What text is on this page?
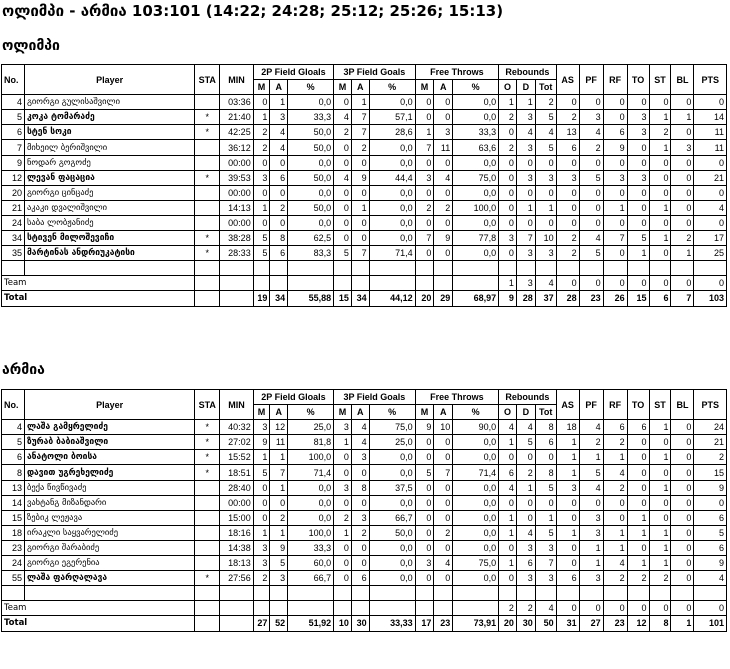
ოლიმპი - არმია 103:101 (14:22; 24:28; 25:12; 25:26; 15:13)
ოლიმპი
No.	Player	STA	MIN	2P Field Gloals			3P Field Goals			Free Throws			Rebounds			AS	PF	RF	TO	ST	BL	PTS
				M	A	%	M	A	%	M	A	%	O	D	Tot							
4	გიორგი გულისაშვილი		03:36	0	1	0,0	0	1	0,0	0	0	0,0	1	1	2	0	0	0	0	0	0	0
5	კოკა ტომარაძე	*	21:40	1	3	33,3	4	7	57,1	0	0	0,0	2	3	5	2	3	0	3	1	1	14
6	სტენ სოკი	*	42:25	2	4	50,0	2	7	28,6	1	3	33,3	0	4	4	13	4	6	3	2	0	11
7	მიხეილ ბერიშვილი		36:12	2	4	50,0	0	2	0,0	7	11	63,6	2	3	5	6	2	9	0	1	3	11
9	ნოდარ გოგოძე		00:00	0	0	0,0	0	0	0,0	0	0	0,0	0	0	0	0	0	0	0	0	0	0
12	ლევან ფაცაცია	*	39:53	3	6	50,0	4	9	44,4	3	4	75,0	0	3	3	3	5	3	3	0	0	21
20	გიორგი ცინცაძე		00:00	0	0	0,0	0	0	0,0	0	0	0,0	0	0	0	0	0	0	0	0	0	0
21	აკაკი დვალიშვილი		14:13	1	2	50,0	0	1	0,0	2	2	100,0	0	1	1	0	0	1	0	1	0	4
24	საბა ლობჟანიძე		00:00	0	0	0,0	0	0	0,0	0	0	0,0	0	0	0	0	0	0	0	0	0	0
34	სტივენ მილოშევიჩი	*	38:28	5	8	62,5	0	0	0,0	7	9	77,8	3	7	10	2	4	7	5	1	2	17
35	მარტინას ანდრიუკატისი	*	28:33	5	6	83,3	5	7	71,4	0	0	0,0	0	3	3	2	5	0	1	0	1	25

Team													1	3	4	0	0	0	0	0	0	0
Total				19	34	55,88	15	34	44,12	20	29	68,97	9	28	37	28	23	26	15	6	7	103
არმია
No.	Player	STA	MIN	2P Field Gloals			3P Field Goals			Free Throws			Rebounds			AS	PF	RF	TO	ST	BL	PTS
				M	A	%	M	A	%	M	A	%	O	D	Tot							
4	ლაშა გამყრელიძე	*	40:32	3	12	25,0	3	4	75,0	9	10	90,0	4	4	8	18	4	6	6	1	0	24
5	ზურაბ ბაბიაშვილი	*	27:02	9	11	81,8	1	4	25,0	0	0	0,0	1	5	6	1	2	2	0	0	0	21
6	ანატოლი ბოისა	*	15:52	1	1	100,0	0	3	0,0	0	0	0,0	0	0	0	1	1	1	0	1	0	2
8	დავით უგრეხელიძე	*	18:51	5	7	71,4	0	0	0,0	5	7	71,4	6	2	8	1	5	4	0	0	0	15
13	ბექა წივწივაძე		28:40	0	1	0,0	3	8	37,5	0	0	0,0	4	1	5	3	4	2	0	1	0	9
14	ვახტანგ მიზანდარი		00:00	0	0	0,0	0	0	0,0	0	0	0,0	0	0	0	0	0	0	0	0	0	0
15	ზებიკ ლეჟავა		15:00	0	2	0,0	2	3	66,7	0	0	0,0	1	0	1	0	3	0	1	0	0	6
18	ირაკლი საყვარელიძე		18:16	1	1	100,0	1	2	50,0	0	2	0,0	1	4	5	1	3	1	1	1	0	5
23	გიორგი შარაბიძე		14:38	3	9	33,3	0	0	0,0	0	0	0,0	0	3	3	0	1	1	0	1	0	6
24	გიორგი ეგერენია		18:13	3	5	60,0	0	0	0,0	3	4	75,0	1	6	7	0	1	4	1	1	0	9
55	ლაშა ფარღალავა	*	27:56	2	3	66,7	0	6	0,0	0	0	0,0	0	3	3	6	3	2	2	2	0	4

Team													2	2	4	0	0	0	0	0	0	0
Total				27	52	51,92	10	30	33,33	17	23	73,91	20	30	50	31	27	23	12	8	1	101
